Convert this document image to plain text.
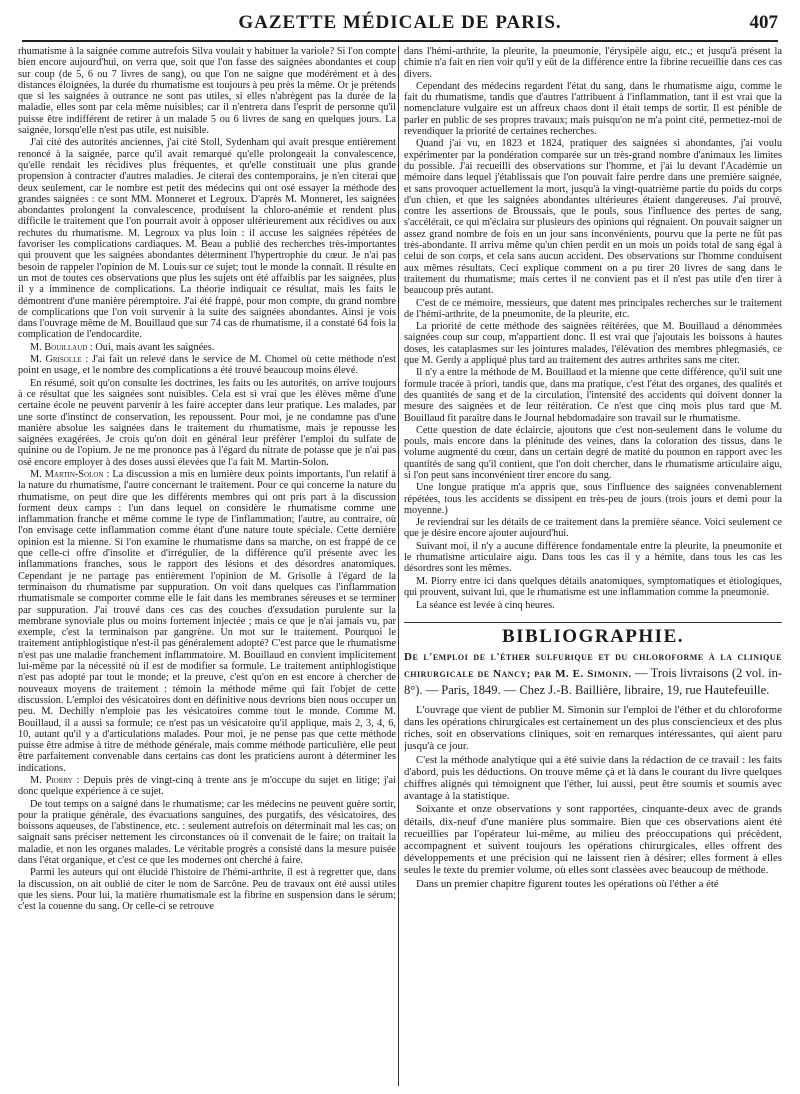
GAZETTE MÉDICALE DE PARIS.	407

rhumatisme à la saignée comme autrefois Silva voulait y habituer la variole? Si l'on compte bien encore aujourd'hui, on verra que, soit que l'on fasse des saignées abondantes et coup sur coup (de 5, 6 ou 7 livres de sang), ou que l'on ne saigne que modérément et à des distances éloignées, la durée du rhumatisme est toujours à peu près la même. Or je prétends que si les saignées à outrance ne sont pas utiles, si elles n'abrègent pas la durée de la maladie, elles sont par cela même nuisibles; car il n'entrera dans l'esprit de personne qu'il puisse être indifférent de retirer à un malade 5 ou 6 livres de sang en quelques jours. La saignée, lorsqu'elle n'est pas utile, est nuisible.

J'ai cité des autorités anciennes, j'ai cité Stoll, Sydenham qui avait presque entièrement renoncé à la saignée, parce qu'il avait remarqué qu'elle prolongeait la convalescence, qu'elle rendait les récidives plus fréquentes, et qu'elle constituait une plus grande propension à contracter d'autres maladies. Je citerai des contemporains, je n'en citerai que deux seulement, car le nombre est petit des médecins qui ont osé essayer la méthode des grandes saignées : ce sont MM. Monneret et Legroux. D'après M. Monneret, les saignées abondantes prolongent la convalescence, produisent la chloro-anémie et rendent plus difficile le traitement que l'on pourrait avoir à opposer ultérieurement aux récidives ou aux rechutes du rhumatisme. M. Legroux va plus loin : il accuse les saignées répétées de favoriser les complications cardiaques. M. Beau a publié des recherches très-importantes qui prouvent que les saignées abondantes déterminent l'hypertrophie du cœur. Je n'ai pas besoin de rappeler l'opinion de M. Louis sur ce sujet; tout le monde la connaît. Il résulte en un mot de toutes ces observations que plus les sujets ont été affaiblis par les saignées, plus il y a imminence de complications. La théorie indiquait ce résultat, mais les faits le démontrent d'une manière péremptoire. J'ai été frappé, pour mon compte, du grand nombre de complications que l'on voit survenir à la suite des saignées abondantes. Ainsi je vois dans l'ouvrage même de M. Bouillaud que sur 74 cas de rhumatisme, il a constaté 64 fois la complication de l'endocardite.

M. Bouillaud : Oui, mais avant les saignées.

M. Grisolle : J'ai fait un relevé dans le service de M. Chomel où cette méthode n'est point en usage, et le nombre des complications a été trouvé beaucoup moins élevé.

En résumé, soit qu'on consulte les doctrines, les faits ou les autorités, on arrive toujours à ce résultat que les saignées sont nuisibles. Cela est si vrai que les élèves même d'une certaine école ne peuvent parvenir à les faire accepter dans leur pratique. Les malades, par une sorte d'instinct de conservation, les repoussent. Pour moi, je ne condamne pas d'une manière absolue les saignées dans le traitement du rhumatisme, mais je repousse les saignées exagérées. Je crois qu'on doit en général leur préférer l'emploi du sulfate de quinine ou de l'opium. Je ne me prononce pas à l'égard du nitrate de potasse que je n'ai pas osé encore employer à des doses aussi élevées que l'a fait M. Martin-Solon.

M. Martin-Solon : La discussion a mis en lumière deux points importants, l'un relatif à la nature du rhumatisme, l'autre concernant le traitement. Pour ce qui concerne la nature du rhumatisme, on peut dire que les différents membres qui ont pris part à la discussion forment deux camps : l'un dans lequel on considère le rhumatisme comme une inflammation franche et même comme le type de l'inflammation; l'autre, au contraire, où l'on envisage cette inflammation comme étant d'une nature toute spéciale. Cette dernière opinion est la mienne. Si l'on examine le rhumatisme dans sa marche, on est frappé de ce que celle-ci offre d'insolite et d'irrégulier, de la différence qu'il présente avec les inflammations franches, sous le rapport des lésions et des désordres anatomiques. Cependant je ne partage pas entièrement l'opinion de M. Grisolle à l'égard de la terminaison du rhumatisme par suppuration. On voit dans quelques cas l'inflammation rhumatismale se comporter comme elle le fait dans les membranes séreuses et se terminer par suppuration. J'ai trouvé dans ces cas des couches d'exsudation purulente sur la membrane synoviale plus ou moins fortement injectée ; mais ce que je n'ai jamais vu, par exemple, c'est la terminaison par gangrène. Un mot sur le traitement. Pourquoi le traitement antiphlogistique n'est-il pas généralement adopté? C'est parce que le rhumatisme n'est pas une maladie franchement inflammatoire. M. Bouillaud en convient implicitement lui-même par la nécessité où il est de modifier sa formule. Le traitement antiphlogistique n'est pas adopté par tout le monde; et la preuve, c'est qu'on en est encore à chercher de nouveaux moyens de traitement : témoin la méthode même qui fait l'objet de cette discussion. L'emploi des vésicatoires dont en définitive nous devrions bien nous occuper un peu. M. Dechilly n'emploie pas les vésicatoires comme tout le monde. Comme M. Bouillaud, il a aussi sa formule; ce n'est pas un vésicatoire qu'il applique, mais 2, 3, 4, 6, 10, autant qu'il y a d'articulations malades. Pour moi, je ne pense pas que cette méthode puisse être admise à titre de méthode générale, mais comme méthode particulière, elle peut être parfaitement convenable dans certains cas dont les praticiens auront à déterminer les indications.

M. Piorry : Depuis près de vingt-cinq à trente ans je m'occupe du sujet en litige; j'ai donc quelque expérience à ce sujet.

De tout temps on a saigné dans le rhumatisme; car les médecins ne peuvent guère sortir, pour la pratique générale, des évacuations sanguines, des purgatifs, des vésicatoires, des boissons aqueuses, de l'abstinence, etc. : seulement autrefois on déterminait mal les cas; on saignait sans préciser nettement les circonstances où il convenait de le faire; on traitait la maladie, et non les organes malades. Le véritable progrès a consisté dans la mesure puisée dans l'état organique, et c'est ce que les modernes ont cherché à faire.

Parmi les auteurs qui ont élucidé l'histoire de l'hémi-arthrite, il est à regretter que, dans la discussion, on ait oublié de citer le nom de Sarcône. Peu de travaux ont été aussi utiles que les siens. Pour lui, la matière rhumatismale est la fibrine en suspension dans le sérum; c'est la couenne du sang. Or celle-ci se retrouve

dans l'hémi-arthrite, la pleurite, la pneumonie, l'érysipèle aigu, etc.; et jusqu'à présent la chimie n'a fait en rien voir qu'il y eût de la différence entre la fibrine recueillie dans ces cas divers.

Cependant des médecins regardent l'état du sang, dans le rhumatisme aigu, comme le fait du rhumatisme, tandis que d'autres l'attribuent à l'inflammation, tant il est vrai que la nomenclature vulgaire est un affreux chaos dont il était temps de sortir. Il est pénible de parler en public de ses propres travaux; mais puisqu'on ne m'a point cité, permettez-moi de revendiquer la priorité de certaines recherches.

Quand j'ai vu, en 1823 et 1824, pratiquer des saignées si abondantes, j'ai voulu expérimenter par la pondération comparée sur un très-grand nombre d'animaux les limites du possible. J'ai recueilli des observations sur l'homme, et j'ai lu devant l'Académie un mémoire dans lequel j'établissais que l'on pouvait faire perdre dans une première saignée, et sans provoquer actuellement la mort, jusqu'à la vingt-quatrième partie du poids du corps d'un chien, et que les saignées abondantes ultérieures étaient dangereuses. J'ai prouvé, contre les assertions de Broussais, que le pouls, sous l'influence des pertes de sang, s'accélérait, ce qui m'éclaira sur plusieurs des opinions qui régnaient. On pouvait saigner un assez grand nombre de fois en un jour sans inconvénients, pourvu que la perte ne fût pas très-abondante. Il arriva même qu'un chien perdit en un mois un poids total de sang égal à celui de son corps, et cela sans aucun accident. Des observations sur l'homme conduisent aux mêmes résultats. Ceci explique comment on a pu tirer 20 livres de sang dans le traitement du rhumatisme; mais certes il ne convient pas et il n'est pas utile d'en tirer à beaucoup près autant.

C'est de ce mémoire, messieurs, que datent mes principales recherches sur le traitement de l'hémi-arthrite, de la pneumonite, de la pleurite, etc.

La priorité de cette méthode des saignées réitérées, que M. Bouillaud a dénommées saignées coup sur coup, m'appartient donc. Il est vrai que j'ajoutais les boissons à hautes doses, les cataplasmes sur les jointures malades, l'élévation des membres phlegmasiés, ce que M. Gerdy a appliqué plus tard au traitement des autres arthrites sans me citer.

Il n'y a entre la méthode de M. Bouillaud et la mienne que cette différence, qu'il suit une formule tracée à priori, tandis que, dans ma pratique, c'est l'état des organes, des qualités et des quantités de sang et de la circulation, l'intensité des accidents qui doivent donner la mesure des saignées et de leur réitération. Ce n'est que cinq mois plus tard que M. Bouillaud fit paraître dans le Journal hebdomadaire son travail sur le rhumatisme.

Cette question de date éclaircie, ajoutons que c'est non-seulement dans le volume du pouls, mais encore dans la plénitude des veines, dans la coloration des tissus, dans le volume augmenté du cœur, dans un certain degré de matité du poumon en rapport avec les quantités de sang qu'il contient, que l'on doit chercher, dans le rhumatisme articulaire aigu, si l'on peut sans inconvénient tirer encore du sang.

Une longue pratique m'a appris que, sous l'influence des saignées convenablement répétées, tous les accidents se dissipent en très-peu de jours (trois jours et demi pour la moyenne.)

Je reviendrai sur les détails de ce traitement dans la première séance. Voici seulement ce que je désire encore ajouter aujourd'hui.

Suivant moi, il n'y a aucune différence fondamentale entre la pleurite, la pneumonite et le rhumatisme articulaire aigu. Dans tous les cas il y a hémite, dans tous les cas les désordres sont les mêmes.

M. Piorry entre ici dans quelques détails anatomiques, symptomatiques et étiologiques, qui prouvent, suivant lui, que le rhumatisme est une inflammation comme la pneumonie.

La séance est levée à cinq heures.

BIBLIOGRAPHIE.

De l'emploi de l'éther sulfurique et du chloroforme à la clinique chirurgicale de Nancy; par M. E. Simonin. — Trois livraisons (2 vol. in-8°). — Paris, 1849. — Chez J.-B. Baillière, libraire, 19, rue Hautefeuille.

L'ouvrage que vient de publier M. Simonin sur l'emploi de l'éther et du chloroforme dans les opérations chirurgicales est certainement un des plus consciencieux et des plus riches, soit en observations cliniques, soit en remarques intéressantes, qui aient paru jusqu'à ce jour.

C'est la méthode analytique qui a été suivie dans la rédaction de ce travail : les faits d'abord, puis les déductions. On trouve même çà et là dans le courant du livre quelques chiffres alignés qui témoignent que l'éther, lui aussi, peut être soumis et soumis avec avantage à la statistique.

Soixante et onze observations y sont rapportées, cinquante-deux avec de grands détails, dix-neuf d'une manière plus sommaire. Bien que ces observations aient été recueillies par l'opérateur lui-même, au milieu des préoccupations qui précèdent, accompagnent et suivent toujours les opérations chirurgicales, elles offrent des développements et une précision qui ne laissent rien à désirer; elles forment à elles seules le texte du premier volume, où elles sont classées avec beaucoup de méthode.

Dans un premier chapitre figurent toutes les opérations où l'éther a été
